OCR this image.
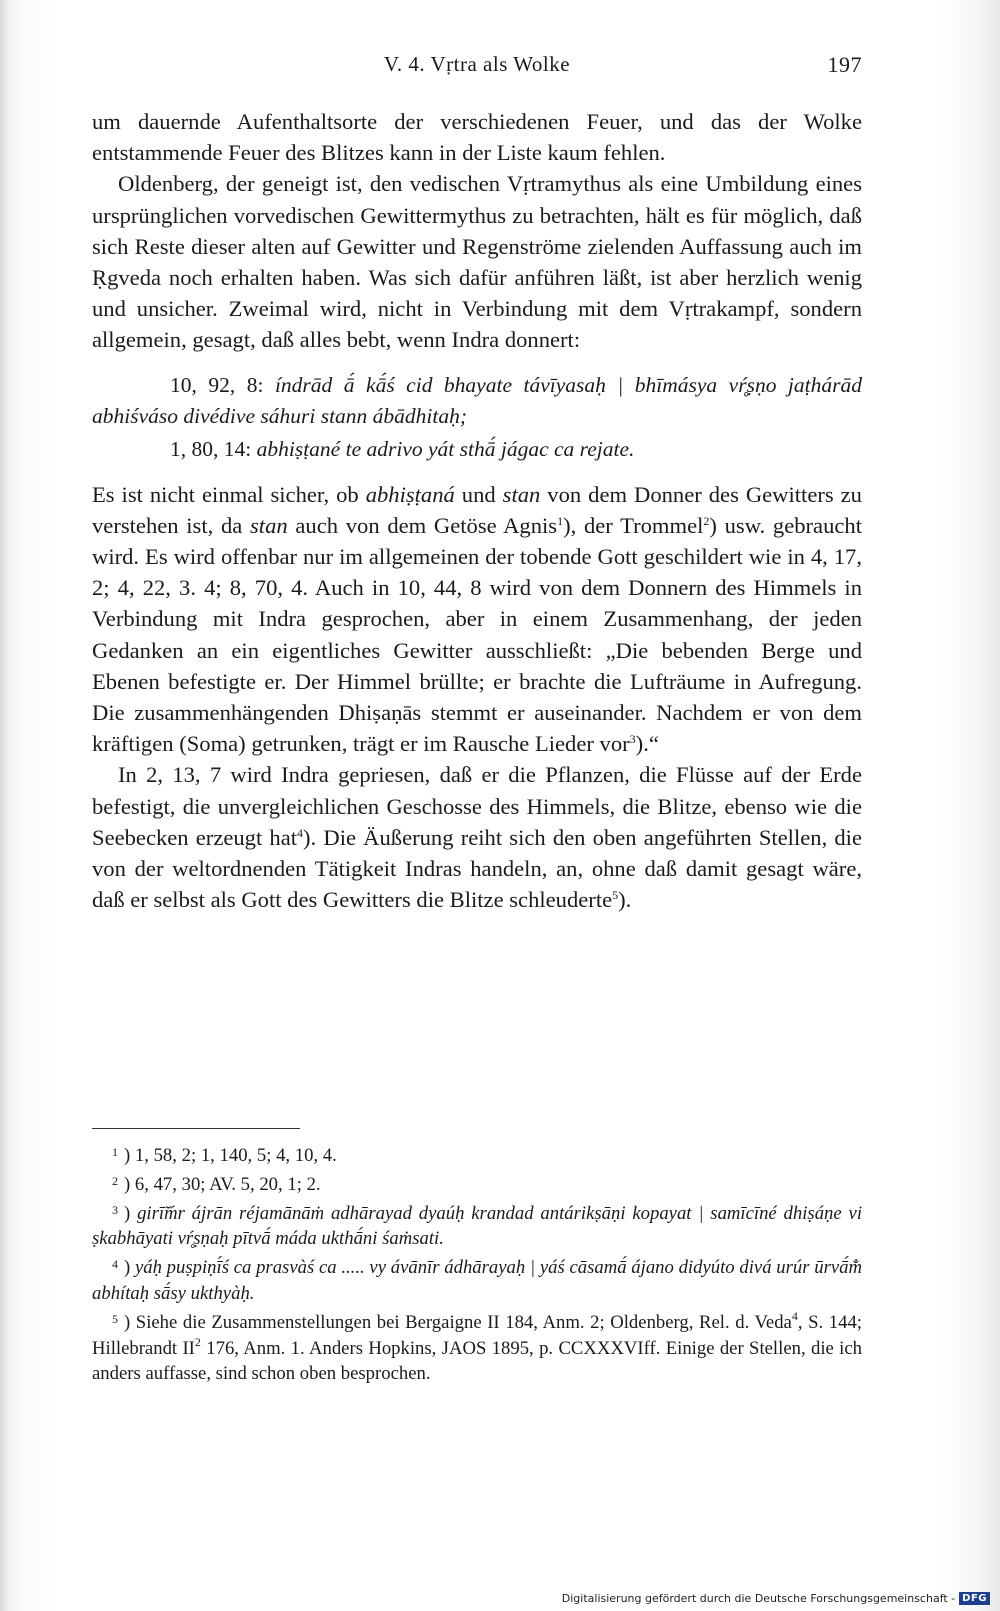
V. 4. Vṛtra als Wolke	197

um dauernde Aufenthaltsorte der verschiedenen Feuer, und das der Wolke entstammende Feuer des Blitzes kann in der Liste kaum fehlen.

Oldenberg, der geneigt ist, den vedischen Vṛtramythus als eine Umbildung eines ursprünglichen vorvedischen Gewittermythus zu betrachten, hält es für möglich, daß sich Reste dieser alten auf Gewitter und Regenströme zielenden Auffassung auch im Ṛgveda noch erhalten haben. Was sich dafür anführen läßt, ist aber herzlich wenig und unsicher. Zweimal wird, nicht in Verbindung mit dem Vṛtrakampf, sondern allgemein, gesagt, daß alles bebt, wenn Indra donnert:

10, 92, 8: índrād ā́ kā́ś cid bhayate távīyasaḥ | bhīmásya vŕ̥ṣṇo jaṭhárād abhiśváso divédive sáhuri stann ábādhitaḥ;

1, 80, 14: abhiṣṭané te adrivo yát sthā́ jágac ca rejate.

Es ist nicht einmal sicher, ob abhiṣṭaná und stan von dem Donner des Gewitters zu verstehen ist, da stan auch von dem Getöse Agnis$^1$), der Trommel$^2$) usw. gebraucht wird. Es wird offenbar nur im allgemeinen der tobende Gott geschildert wie in 4, 17, 2; 4, 22, 3. 4; 8, 70, 4. Auch in 10, 44, 8 wird von dem Donnern des Himmels in Verbindung mit Indra gesprochen, aber in einem Zusammenhang, der jeden Gedanken an ein eigentliches Gewitter ausschließt: „Die bebenden Berge und Ebenen befestigte er. Der Himmel brüllte; er brachte die Lufträume in Aufregung. Die zusammenhängenden Dhiṣaṇās stemmt er auseinander. Nachdem er von dem kräftigen (Soma) getrunken, trägt er im Rausche Lieder vor$^3$).“

In 2, 13, 7 wird Indra gepriesen, daß er die Pflanzen, die Flüsse auf der Erde befestigt, die unvergleichlichen Geschosse des Himmels, die Blitze, ebenso wie die Seebecken erzeugt hat$^4$). Die Äußerung reiht sich den oben angeführten Stellen, die von der weltordnenden Tätigkeit Indras handeln, an, ohne daß damit gesagt wäre, daß er selbst als Gott des Gewitters die Blitze schleuderte$^5$).

1 ) 1, 58, 2; 1, 140, 5; 4, 10, 4.

2 ) 6, 47, 30; AV. 5, 20, 1; 2.

3 ) girī̆ḿr ájrān réjamānāṁ adhārayad dyaúḥ krandad antárikṣāṇi kopayat | samīcīné dhiṣáṇe vi ṣkabhāyati vŕ̥ṣṇaḥ pītvā́ máda ukthā́ni śaṁsati.

4 ) yáḥ puṣpiṇī́ś ca prasvàś ca ..... vy ávānīr ádhārayaḥ | yáś cāsamā́ ájano didyúto divá urúr ūrvā́m̐ abhítaḥ sā́sy ukthyàḥ.

5 ) Siehe die Zusammenstellungen bei Bergaigne II 184, Anm. 2; Oldenberg, Rel. d. Veda$^4$, S. 144; Hillebrandt $II^2$ 176, Anm. 1. Anders Hopkins, JAOS 1895, p. CCXXXVIff. Einige der Stellen, die ich anders auffasse, sind schon oben besprochen.

Digitalisierung gefördert durch die Deutsche Forschungsgemeinschaft - DFG
